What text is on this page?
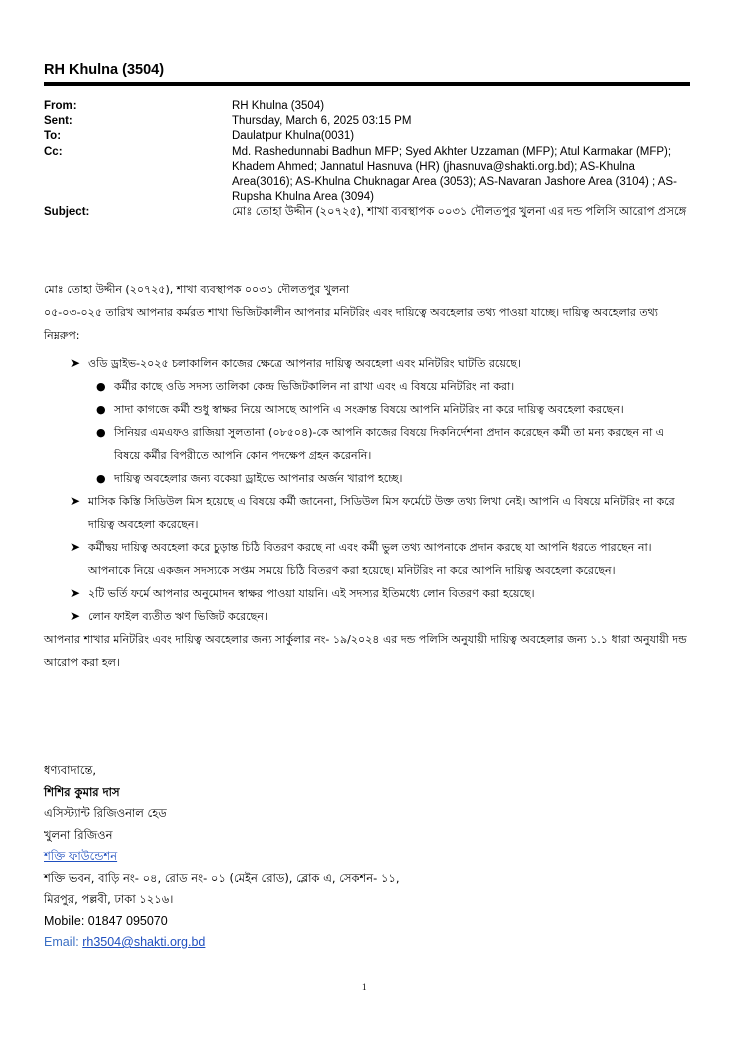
RH Khulna (3504)
From:	RH Khulna (3504)
Sent:	Thursday, March 6, 2025 03:15 PM
To:	Daulatpur Khulna(0031)
Cc:	Md. Rashedunnabi Badhun MFP; Syed Akhter Uzzaman (MFP); Atul Karmakar (MFP); Khadem Ahmed; Jannatul Hasnuva (HR) (jhasnuva@shakti.org.bd); AS-Khulna Area(3016); AS-Khulna Chuknagar Area (3053); AS-Navaran Jashore Area (3104) ; AS-Rupsha Khulna Area (3094)
Subject:	মোঃ তোহা উদ্দীন (২০৭২৫), শাখা ব্যবস্থাপক ০০৩১ দৌলতপুর খুলনা এর দন্ড পলিসি আরোপ প্রসঙ্গে

মোঃ তোহা উদ্দীন (২০৭২৫), শাখা ব্যবস্থাপক ০০৩১ দৌলতপুর খুলনা

০৫-০৩-০২৫ তারিখ আপনার কর্মরত শাখা ভিজিটকালীন আপনার মনিটরিং এবং দায়িত্বে অবহেলার তথ্য পাওয়া যাচ্ছে। দায়িত্ব অবহেলার তথ্য নিম্নরুপ:

➤ ওডি ড্রাইভ-২০২৫ চলাকালিন কাজের ক্ষেত্রে আপনার দায়িত্ব অবহেলা এবং মনিটরিং ঘাটতি রয়েছে।
● কর্মীর কাছে ওডি সদস্য তালিকা কেন্দ্র ভিজিটকালিন না রাখা এবং এ বিষয়ে মনিটরিং না করা।
● সাদা কাগজে কর্মী শুধু স্বাক্ষর নিয়ে আসছে আপনি এ সংক্রান্ত বিষয়ে আপনি মনিটরিং না করে দায়িত্ব অবহেলা করছেন।
● সিনিয়র এমএফও রাজিয়া সুলতানা (০৮৫০৪)-কে আপনি কাজের বিষয়ে দিকনির্দেশনা প্রদান করেছেন কর্মী তা মন্য করছেন না এ বিষয়ে কর্মীর বিপরীতে আপনি কোন পদক্ষেপ গ্রহন করেননি।
● দায়িত্ব অবহেলার জন্য বকেয়া ড্রাইভে আপনার অর্জন খারাপ হচ্ছে।
➤ মাসিক কিস্তি সিডিউল মিস হয়েছে এ বিষয়ে কর্মী জানেনা, সিডিউল মিস ফর্মেটে উক্ত তথ্য লিখা নেই। আপনি এ বিষয়ে মনিটরিং না করে দায়িত্ব অবহেলা করেছেন।
➤ কর্মীদ্বয় দায়িত্ব অবহেলা করে চুড়ান্ত চিঠি বিতরণ করছে না এবং কর্মী ভুল তথ্য আপনাকে প্রদান করছে যা আপনি ধরতে পারছেন না। আপনাকে নিয়ে একজন সদস্যকে সপ্তম সময়ে চিঠি বিতরণ করা হয়েছে। মনিটরিং না করে আপনি দায়িত্ব অবহেলা করেছেন।
➤ ২টি ভর্তি ফর্মে আপনার অনুমোদন স্বাক্ষর পাওয়া যায়নি। এই সদস্যর ইতিমধ্যে লোন বিতরণ করা হয়েছে।
➤ লোন ফাইল ব্যতীত ঋণ ভিজিট করেছেন।

আপনার শাখার মনিটরিং এবং দায়িত্ব অবহেলার জন্য সার্কুলার নং- ১৯/২০২৪ এর দন্ড পলিসি অনুযায়ী দায়িত্ব অবহেলার জন্য ১.১ ধারা অনুযায়ী দন্ড আরোপ করা হল।

ধণ্যবাদান্তে,
শিশির কুমার দাস
এসিস্ট্যান্ট রিজিওনাল হেড
খুলনা রিজিওন
শক্তি ফাউন্ডেশন
শক্তি ভবন, বাড়ি নং- ০৪, রোড নং- ০১ (মেইন রোড), ব্লোক এ, সেকশন- ১১,
মিরপুর, পল্লবী, ঢাকা ১২১৬।
Mobile: 01847 095070
Email: rh3504@shakti.org.bd
1
